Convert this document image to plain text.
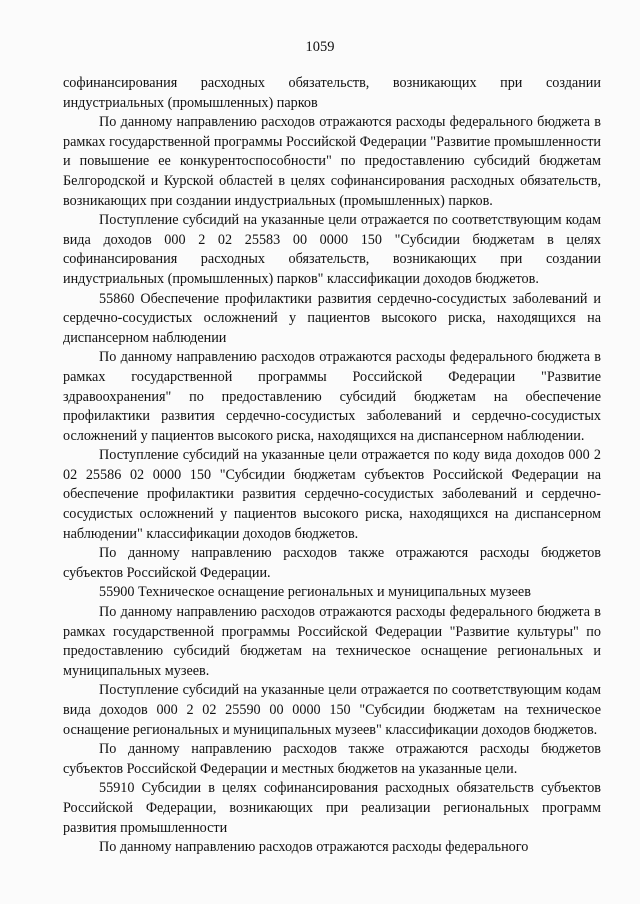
1059

софинансирования расходных обязательств, возникающих при создании индустриальных (промышленных) парков

По данному направлению расходов отражаются расходы федерального бюджета в рамках государственной программы Российской Федерации "Развитие промышленности и повышение ее конкурентоспособности" по предоставлению субсидий бюджетам Белгородской и Курской областей в целях софинансирования расходных обязательств, возникающих при создании индустриальных (промышленных) парков.

Поступление субсидий на указанные цели отражается по соответствующим кодам вида доходов 000 2 02 25583 00 0000 150 "Субсидии бюджетам в целях софинансирования расходных обязательств, возникающих при создании индустриальных (промышленных) парков" классификации доходов бюджетов.

55860 Обеспечение профилактики развития сердечно-сосудистых заболеваний и сердечно-сосудистых осложнений у пациентов высокого риска, находящихся на диспансерном наблюдении

По данному направлению расходов отражаются расходы федерального бюджета в рамках государственной программы Российской Федерации "Развитие здравоохранения" по предоставлению субсидий бюджетам на обеспечение профилактики развития сердечно-сосудистых заболеваний и сердечно-сосудистых осложнений у пациентов высокого риска, находящихся на диспансерном наблюдении.

Поступление субсидий на указанные цели отражается по коду вида доходов 000 2 02 25586 02 0000 150 "Субсидии бюджетам субъектов Российской Федерации на обеспечение профилактики развития сердечно-сосудистых заболеваний и сердечно-сосудистых осложнений у пациентов высокого риска, находящихся на диспансерном наблюдении" классификации доходов бюджетов.

По данному направлению расходов также отражаются расходы бюджетов субъектов Российской Федерации.

55900 Техническое оснащение региональных и муниципальных музеев

По данному направлению расходов отражаются расходы федерального бюджета в рамках государственной программы Российской Федерации "Развитие культуры" по предоставлению субсидий бюджетам на техническое оснащение региональных и муниципальных музеев.

Поступление субсидий на указанные цели отражается по соответствующим кодам вида доходов 000 2 02 25590 00 0000 150 "Субсидии бюджетам на техническое оснащение региональных и муниципальных музеев" классификации доходов бюджетов.

По данному направлению расходов также отражаются расходы бюджетов субъектов Российской Федерации и местных бюджетов на указанные цели.

55910 Субсидии в целях софинансирования расходных обязательств субъектов Российской Федерации, возникающих при реализации региональных программ развития промышленности

По данному направлению расходов отражаются расходы федерального
